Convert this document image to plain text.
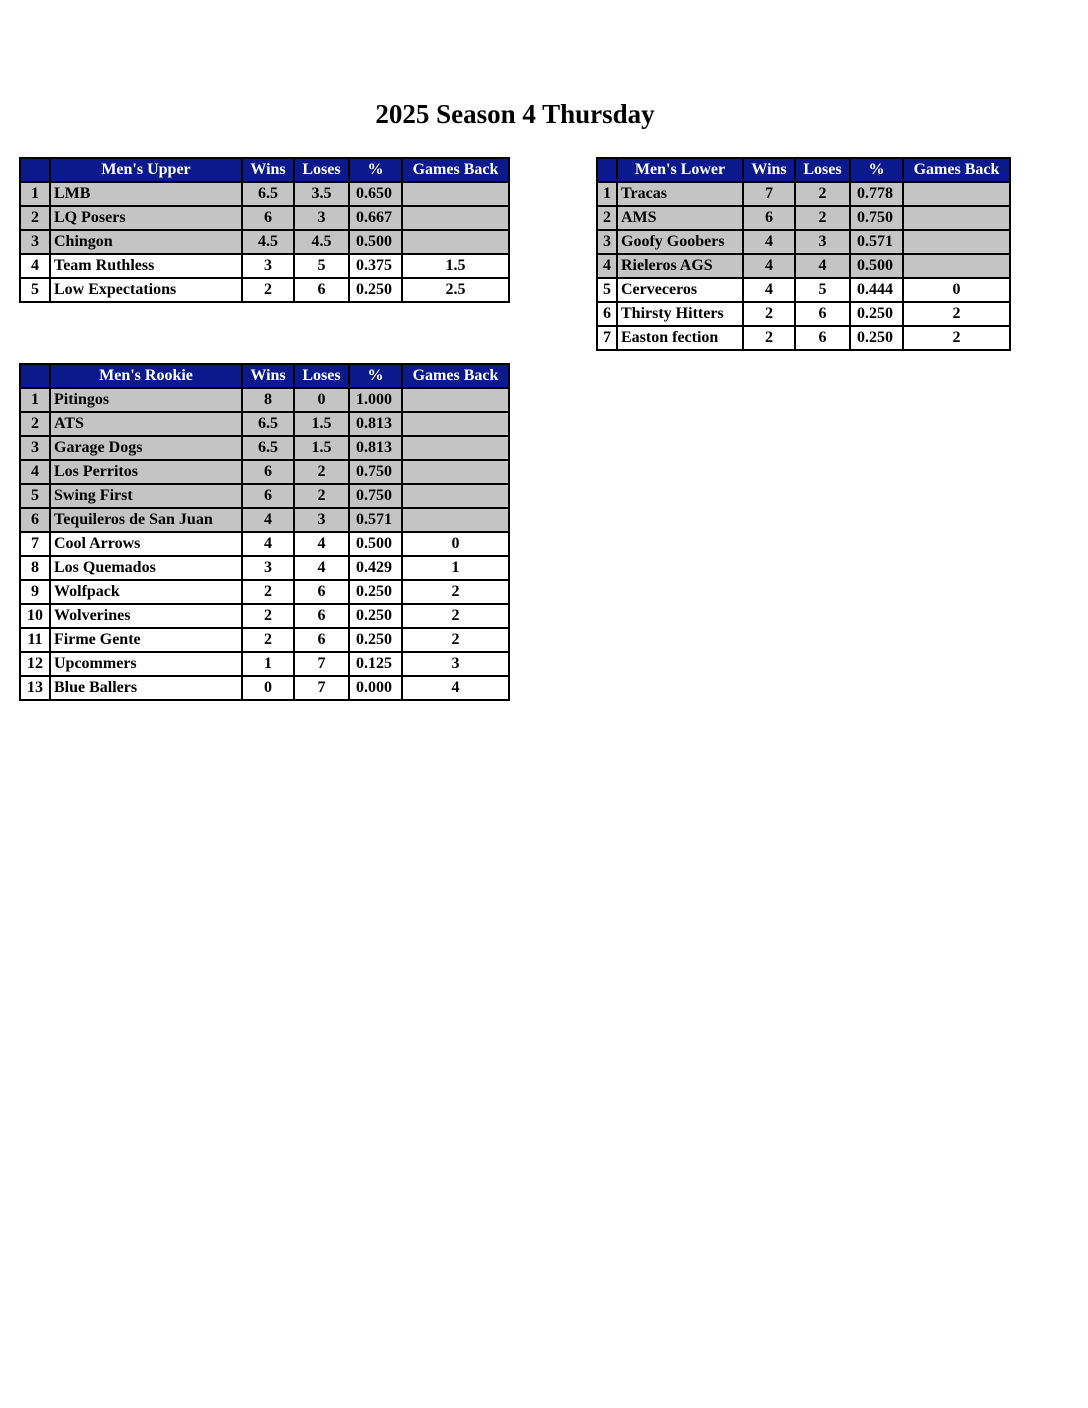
2025 Season 4 Thursday
	Men's Upper	Wins	Loses	%	Games Back
1	LMB	6.5	3.5	0.650	
2	LQ Posers	6	3	0.667	
3	Chingon	4.5	4.5	0.500	
4	Team Ruthless	3	5	0.375	1.5
5	Low Expectations	2	6	0.250	2.5
	Men's Lower	Wins	Loses	%	Games Back
1	Tracas	7	2	0.778	
2	AMS	6	2	0.750	
3	Goofy Goobers	4	3	0.571	
4	Rieleros AGS	4	4	0.500	
5	Cerveceros	4	5	0.444	0
6	Thirsty Hitters	2	6	0.250	2
7	Easton fection	2	6	0.250	2
	Men's Rookie	Wins	Loses	%	Games Back
1	Pitingos	8	0	1.000	
2	ATS	6.5	1.5	0.813	
3	Garage Dogs	6.5	1.5	0.813	
4	Los Perritos	6	2	0.750	
5	Swing First	6	2	0.750	
6	Tequileros de San Juan	4	3	0.571	
7	Cool Arrows	4	4	0.500	0
8	Los Quemados	3	4	0.429	1
9	Wolfpack	2	6	0.250	2
10	Wolverines	2	6	0.250	2
11	Firme Gente	2	6	0.250	2
12	Upcommers	1	7	0.125	3
13	Blue Ballers	0	7	0.000	4
